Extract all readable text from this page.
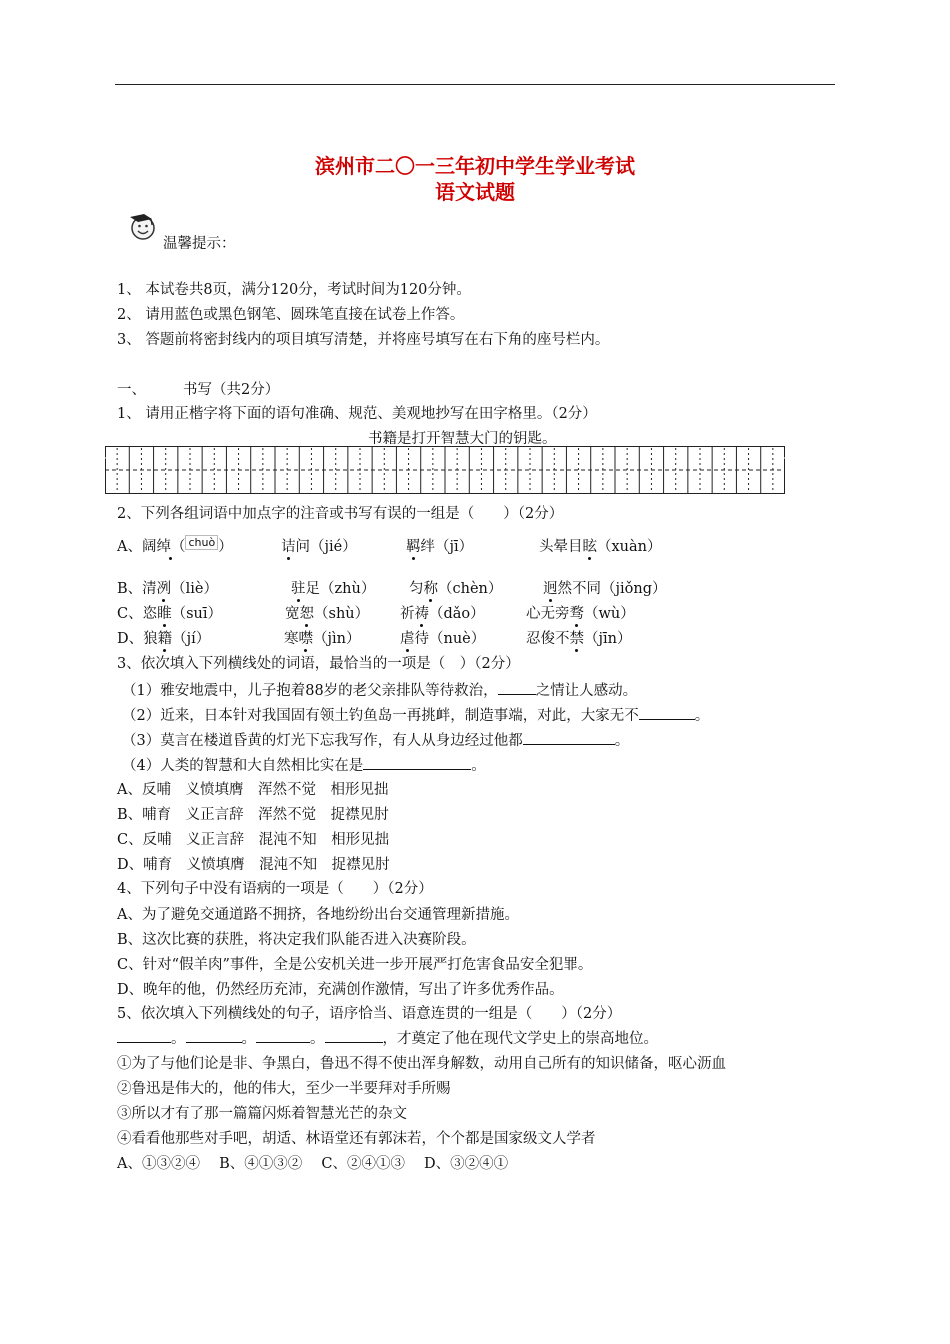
滨州市二〇一三年初中学生学业考试
语文试题
温馨提示：
1、 本试卷共8页，满分120分，考试时间为120分钟。
2、 请用蓝色或黑色钢笔、圆珠笔直接在试卷上作答。
3、 答题前将密封线内的项目填写清楚，并将座号填写在右下角的座号栏内。
一、	书写（共2分）
1、 请用正楷字将下面的语句准确、规范、美观地抄写在田字格里。（2分）
书籍是打开智慧大门的钥匙。
2、下列各组词语中加点字的注音或书写有误的一组是（　　）（2分）
A、阔绰（ chuò ）	诘问（jié）	羁绊（jī）	头晕目眩（xuàn）
B、清冽（liè）	驻足（zhù） 匀称（chèn）	迥然不同（jiǒng）
C、恣睢（suī）	宽恕（shù） 祈祷（dǎo）	心无旁骛（wù）
D、狼籍（jí）	寒噤（jìn）	虐待（nuè）	忍俊不禁（jīn）
3、依次填入下列横线处的词语，最恰当的一项是（　）（2分）
（1）雅安地震中，儿子抱着88岁的老父亲排队等待救治，	之情让人感动。
（2）近来，日本针对我国固有领土钓鱼岛一再挑衅，制造事端，对此，大家无不	。
（3）莫言在楼道昏黄的灯光下忘我写作，有人从身边经过他都	。
（4）人类的智慧和大自然相比实在是	。
A、反哺　义愤填膺　浑然不觉　相形见拙
B、哺育　义正言辞　浑然不觉　捉襟见肘
C、反哺　义正言辞　混沌不知　相形见拙
D、哺育　义愤填膺　混沌不知　捉襟见肘
4、下列句子中没有语病的一项是（　　）（2分）
A、为了避免交通道路不拥挤，各地纷纷出台交通管理新措施。
B、这次比赛的获胜，将决定我们队能否进入决赛阶段。
C、针对“假羊肉”事件，全是公安机关进一步开展严打危害食品安全犯罪。
D、晚年的他，仍然经历充沛，充满创作激情，写出了许多优秀作品。
5、依次填入下列横线处的句子，语序恰当、语意连贯的一组是（　　）（2分）
。	。	。	，才奠定了他在现代文学史上的崇高地位。
①为了与他们论是非、争黑白，鲁迅不得不使出浑身解数，动用自己所有的知识储备，呕心沥血
②鲁迅是伟大的，他的伟大，至少一半要拜对手所赐
③所以才有了那一篇篇闪烁着智慧光芒的杂文
④看看他那些对手吧，胡适、林语堂还有郭沫若，个个都是国家级文人学者
A、①③②④　 B、④①③②　 C、②④①③　 D、③②④①
